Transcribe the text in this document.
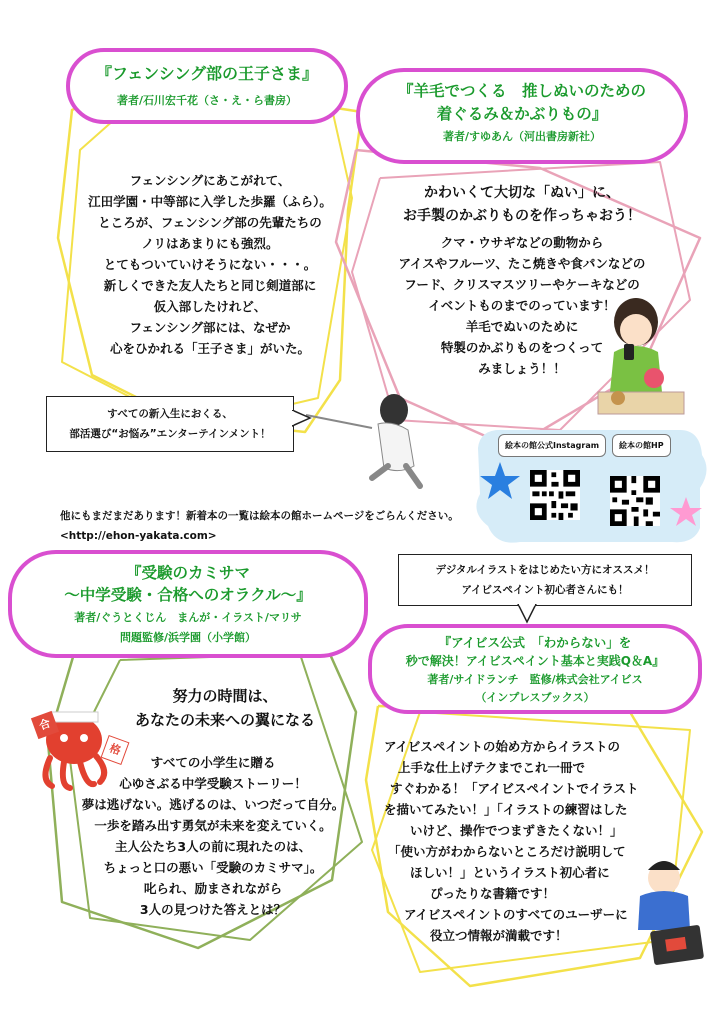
『フェンシング部の王子さま』
著者/石川宏千花（さ・え・ら書房）
フェンシングにあこがれて、
江田学園・中等部に入学した歩羅（ふら）。
ところが、フェンシング部の先輩たちの
ノリはあまりにも強烈。
とてもついていけそうにない・・・。
新しくできた友人たちと同じ剣道部に
仮入部したけれど、
フェンシング部には、なぜか
心をひかれる「王子さま」がいた。
すべての新入生におくる、
部活選び“お悩み”エンターテインメント！
『羊毛でつくる　推しぬいのための
着ぐるみ＆かぶりもの』
著者/すゆあん（河出書房新社）
かわいくて大切な「ぬい」に、
お手製のかぶりものを作っちゃおう！
クマ・ウサギなどの動物から
アイスやフルーツ、たこ焼きや食パンなどの
フード、クリスマスツリーやケーキなどの
イベントものまでのっています！
羊毛でぬいのために
特製のかぶりものをつくって
みましょう！！
絵本の館公式Instagram	絵本の館HP
他にもまだまだあります！新着本の一覧は絵本の館ホームページをごらんください。
<http://ehon-yakata.com>
『受験のカミサマ
～中学受験・合格へのオラクル～』
著者/ぐうとくじん　まんが・イラスト/マリサ
問題監修/浜学園（小学館）
努力の時間は、
あなたの未来への翼になる
合
格
すべての小学生に贈る
心ゆさぶる中学受験ストーリー！
夢は逃げない。逃げるのは、いつだって自分。
一歩を踏み出す勇気が未来を変えていく。
主人公たち3人の前に現れたのは、
ちょっと口の悪い「受験のカミサマ」。
叱られ、励まされながら
3人の見つけた答えとは？
デジタルイラストをはじめたい方にオススメ！
アイビスペイント初心者さんにも！
『アイビス公式　「わからない」を
秒で解決！アイビスペイント基本と実践Q＆A』
著者/サイドランチ　監修/株式会社アイビス
（インプレスブックス）
アイビスペイントの始め方からイラストの
上手な仕上げテクまでこれ一冊で
すぐわかる！「アイビスペイントでイラスト
を描いてみたい！」「イラストの練習はした
いけど、操作でつまずきたくない！」
「使い方がわからないところだけ説明して
ほしい！」というイラスト初心者に
ぴったりな書籍です！
アイビスペイントのすべてのユーザーに
役立つ情報が満載です！
